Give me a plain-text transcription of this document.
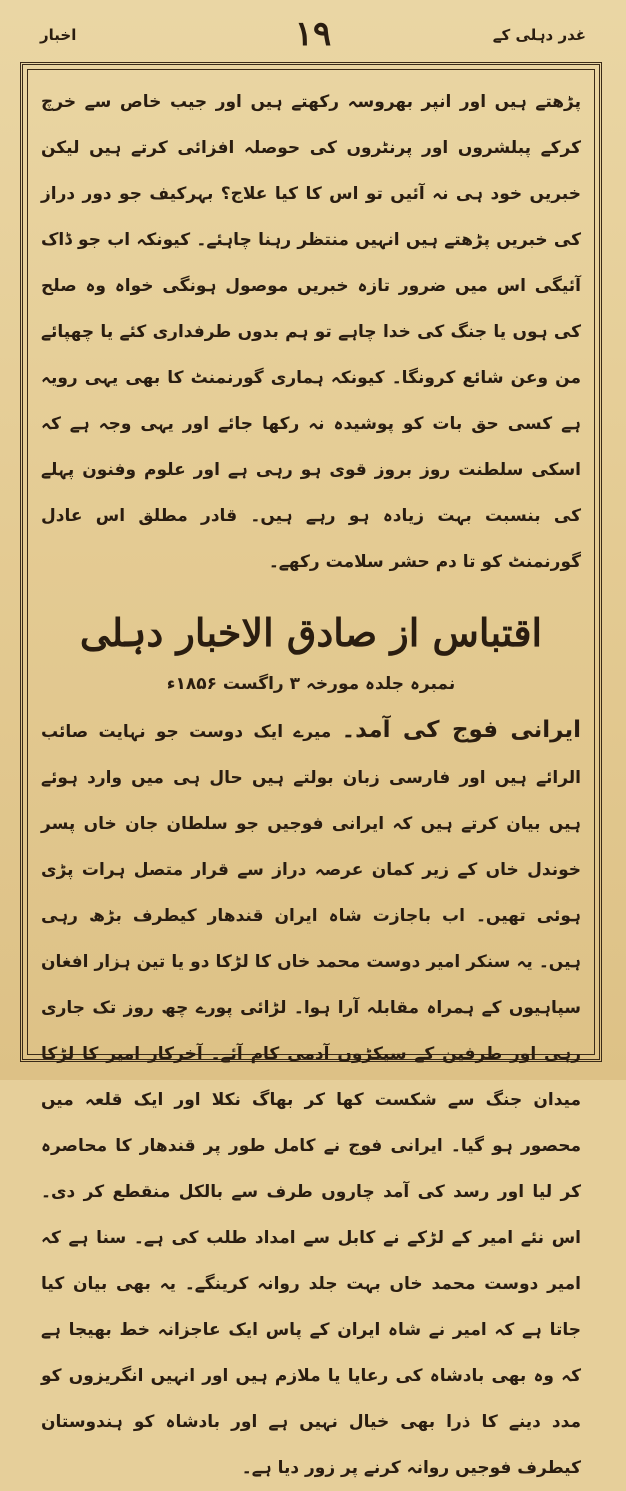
غدر دہلی کے
۱۹
اخبار

پڑھتے ہیں اور انپر بھروسہ رکھتے ہیں اور جیب خاص سے خرچ کرکے پبلشروں اور پرنٹروں کی حوصلہ افزائی کرتے ہیں لیکن خبریں خود ہی نہ آئیں تو اس کا کیا علاج؟ بہرکیف جو دور دراز کی خبریں پڑھتے ہیں انہیں منتظر رہنا چاہئے۔ کیونکہ اب جو ڈاک آئیگی اس میں ضرور تازہ خبریں موصول ہونگی خواہ وہ صلح کی ہوں یا جنگ کی خدا چاہے تو ہم بدوں طرفداری کئے یا چھپائے من وعن شائع کرونگا۔ کیونکہ ہماری گورنمنٹ کا بھی یہی رویہ ہے کسی حق بات کو پوشیدہ نہ رکھا جائے اور یہی وجہ ہے کہ اسکی سلطنت روز بروز قوی ہو رہی ہے اور علوم وفنون پہلے کی بنسبت بہت زیادہ ہو رہے ہیں۔ قادر مطلق اس عادل گورنمنٹ کو تا دم حشر سلامت رکھے۔

اقتباس از صادق الاخبار دہلی
نمبرہ جلدہ مورخہ ۳ راگست ۱۸۵۶ء

ایرانی فوج کی آمد۔ میرے ایک دوست جو نہایت صائب الرائے ہیں اور فارسی زبان بولتے ہیں حال ہی میں وارد ہوئے ہیں بیان کرتے ہیں کہ ایرانی فوجیں جو سلطان جان خاں پسر خوندل خاں کے زیر کمان عرصہ دراز سے قرار متصل ہرات پڑی ہوئی تھیں۔ اب باجازت شاہ ایران قندھار کیطرف بڑھ رہی ہیں۔ یہ سنکر امیر دوست محمد خاں کا لڑکا دو یا تین ہزار افغان سپاہیوں کے ہمراہ مقابلہ آرا ہوا۔ لڑائی پورے چھ روز تک جاری رہی اور طرفین کے سیکڑوں آدمی کام آئے۔ آخرکار امیر کا لڑکا میدان جنگ سے شکست کھا کر بھاگ نکلا اور ایک قلعہ میں محصور ہو گیا۔ ایرانی فوج نے کامل طور پر قندھار کا محاصرہ کر لیا اور رسد کی آمد چاروں طرف سے بالکل منقطع کر دی۔ اس نئے امیر کے لڑکے نے کابل سے امداد طلب کی ہے۔ سنا ہے کہ امیر دوست محمد خاں بہت جلد روانہ کرینگے۔ یہ بھی بیان کیا جاتا ہے کہ امیر نے شاہ ایران کے پاس ایک عاجزانہ خط بھیجا ہے کہ وہ بھی بادشاہ کی رعایا یا ملازم ہیں اور انہیں انگریزوں کو مدد دینے کا ذرا بھی خیال نہیں ہے اور بادشاہ کو ہندوستان کیطرف فوجیں روانہ کرنے پر زور دیا ہے۔
